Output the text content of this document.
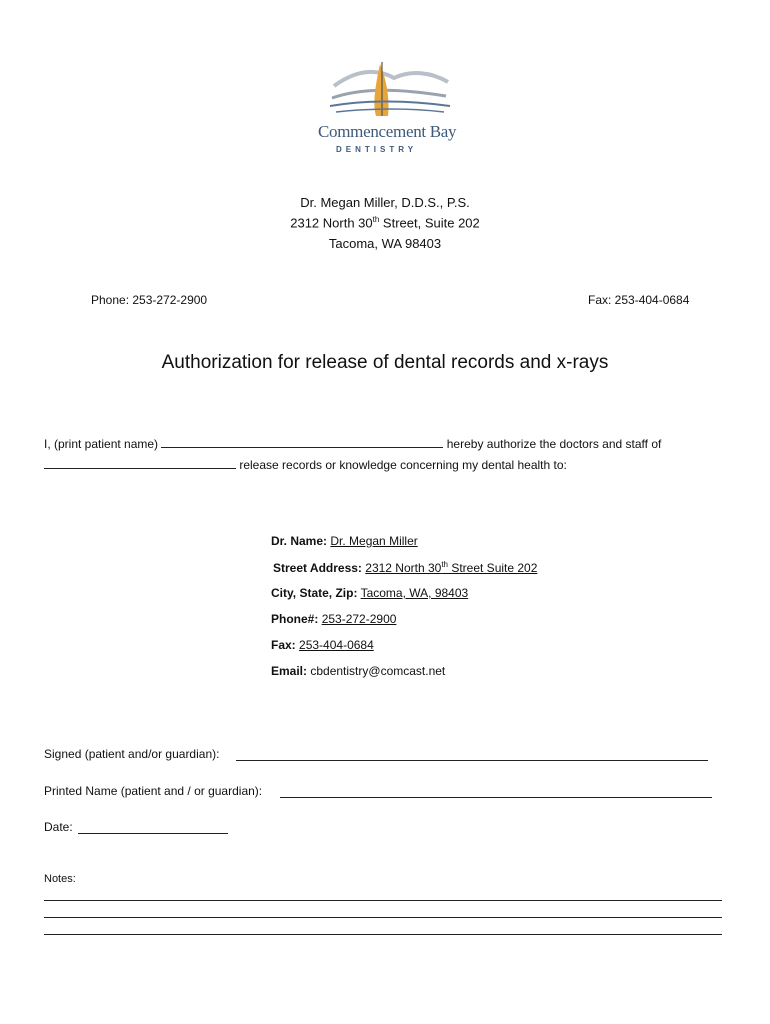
Commencement Bay
DENTISTRY
Dr. Megan Miller, D.D.S., P.S.
2312 North 30th Street, Suite 202
Tacoma, WA 98403
Phone: 253-272-2900	Fax: 253-404-0684
Authorization for release of dental records and x-rays
I, (print patient name)	hereby authorize the doctors and staff of
release records or knowledge concerning my dental health to:
Dr. Name: Dr. Megan Miller
Street Address: 2312 North 30th Street Suite 202
City, State, Zip: Tacoma, WA, 98403
Phone#: 253-272-2900
Fax: 253-404-0684
Email: cbdentistry@comcast.net
Signed (patient and/or guardian):
Printed Name (patient and / or guardian):
Date:
Notes:
